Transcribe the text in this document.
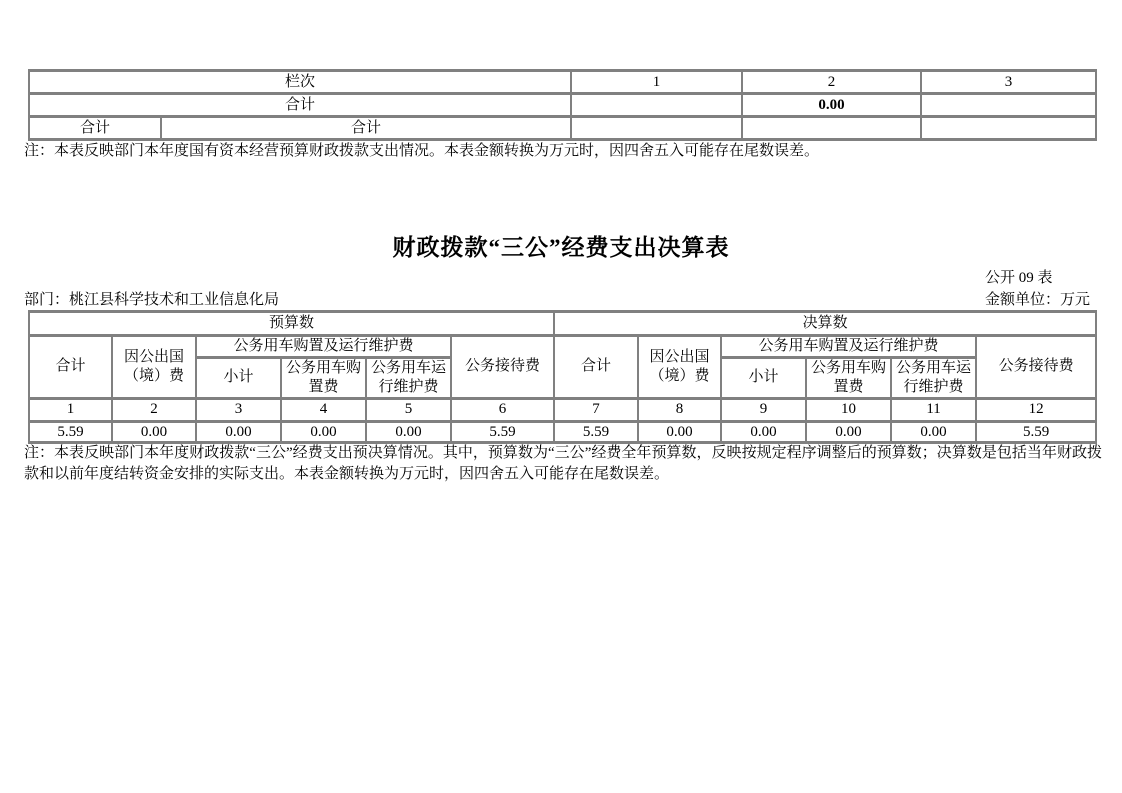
栏次		1	2	3
合计			0.00	
合计	合计			
注：本表反映部门本年度国有资本经营预算财政拨款支出情况。本表金额转换为万元时，因四舍五入可能存在尾数误差。
财政拨款“三公”经费支出决算表
公开 09 表
部门：桃江县科学技术和工业信息化局	金额单位：万元
预算数						决算数					
合计	因公出国（境）费	公务用车购置及运行维护费			公务接待费	合计	因公出国（境）费	公务用车购置及运行维护费			公务接待费
		小计	公务用车购置费	公务用车运行维护费				小计	公务用车购置费	公务用车运行维护费	
1	2	3	4	5	6	7	8	9	10	11	12
5.59	0.00	0.00	0.00	0.00	5.59	5.59	0.00	0.00	0.00	0.00	5.59
注：本表反映部门本年度财政拨款“三公”经费支出预决算情况。其中，预算数为“三公”经费全年预算数，反映按规定程序调整后的预算数；决算数是包括当年财政拨款和以前年度结转资金安排的实际支出。本表金额转换为万元时，因四舍五入可能存在尾数误差。
